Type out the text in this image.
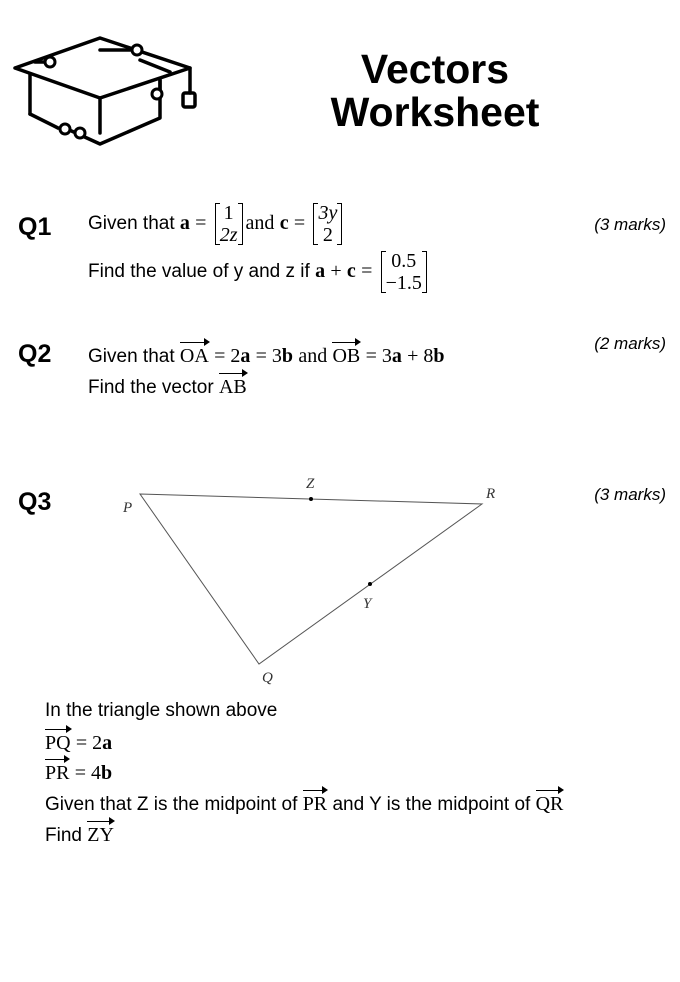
Vectors
Worksheet
Q1	(3 marks)
Given that a = 1
2z
and c = 3y
2
Find the value of y and z if a + c = 0.5
−1.5
Q2	(2 marks)
Given that OA = 2a = 3b and OB = 3a + 8b
Find the vector AB
Q3	(3 marks)
P
Z
R
Y
Q
In the triangle shown above
PQ = 2a
PR = 4b
Given that Z is the midpoint of PR and Y is the midpoint of QR
Find ZY
